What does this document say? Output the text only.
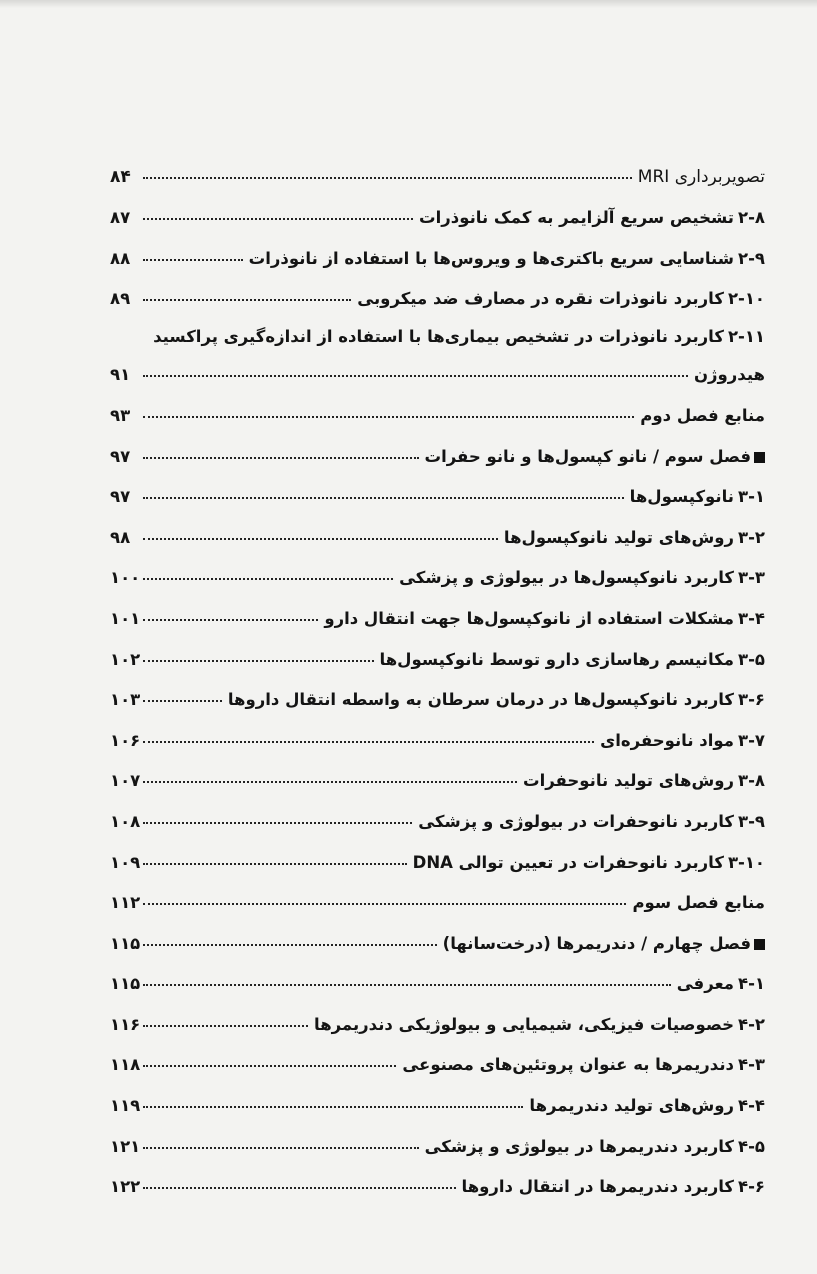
تصویربرداری MRI
۸۴
۲-۸
تشخیص سریع آلزایمر به کمک نانوذرات
۸۷
۲-۹
شناسایی سریع باکتری‌ها و ویروس‌ها با استفاده از نانوذرات
۸۸
۲-۱۰
کاربرد نانوذرات نقره در مصارف ضد میکروبی
۸۹
۲-۱۱
کاربرد نانوذرات در تشخیص بیماری‌ها با استفاده از اندازه‌گیری پراکسید
هیدروژن
۹۱
منابع فصل دوم
۹۳
فصل سوم / نانو کپسول‌ها و نانو حفرات
۹۷
۳-۱
نانوکپسول‌ها
۹۷
۳-۲
روش‌های تولید نانوکپسول‌ها
۹۸
۳-۳
کاربرد نانوکپسول‌ها در بیولوژی و پزشکی
۱۰۰
۳-۴
مشکلات استفاده از نانوکپسول‌ها جهت انتقال دارو
۱۰۱
۳-۵
مکانیسم رهاسازی دارو توسط نانوکپسول‌ها
۱۰۲
۳-۶
کاربرد نانوکپسول‌ها در درمان سرطان به واسطه انتقال داروها
۱۰۳
۳-۷
مواد نانوحفره‌ای
۱۰۶
۳-۸
روش‌های تولید نانوحفرات
۱۰۷
۳-۹
کاربرد نانوحفرات در بیولوژی و پزشکی
۱۰۸
۳-۱۰
کاربرد نانوحفرات در تعیین توالی DNA
۱۰۹
منابع فصل سوم
۱۱۲
فصل چهارم / دندریمرها (درخت‌سانها)
۱۱۵
۴-۱
معرفی
۱۱۵
۴-۲
خصوصیات فیزیکی، شیمیایی و بیولوژیکی دندریمرها
۱۱۶
۴-۳
دندریمرها به عنوان پروتئین‌های مصنوعی
۱۱۸
۴-۴
روش‌های تولید دندریمرها
۱۱۹
۴-۵
کاربرد دندریمرها در بیولوژی و پزشکی
۱۲۱
۴-۶
کاربرد دندریمرها در انتقال داروها
۱۲۲
